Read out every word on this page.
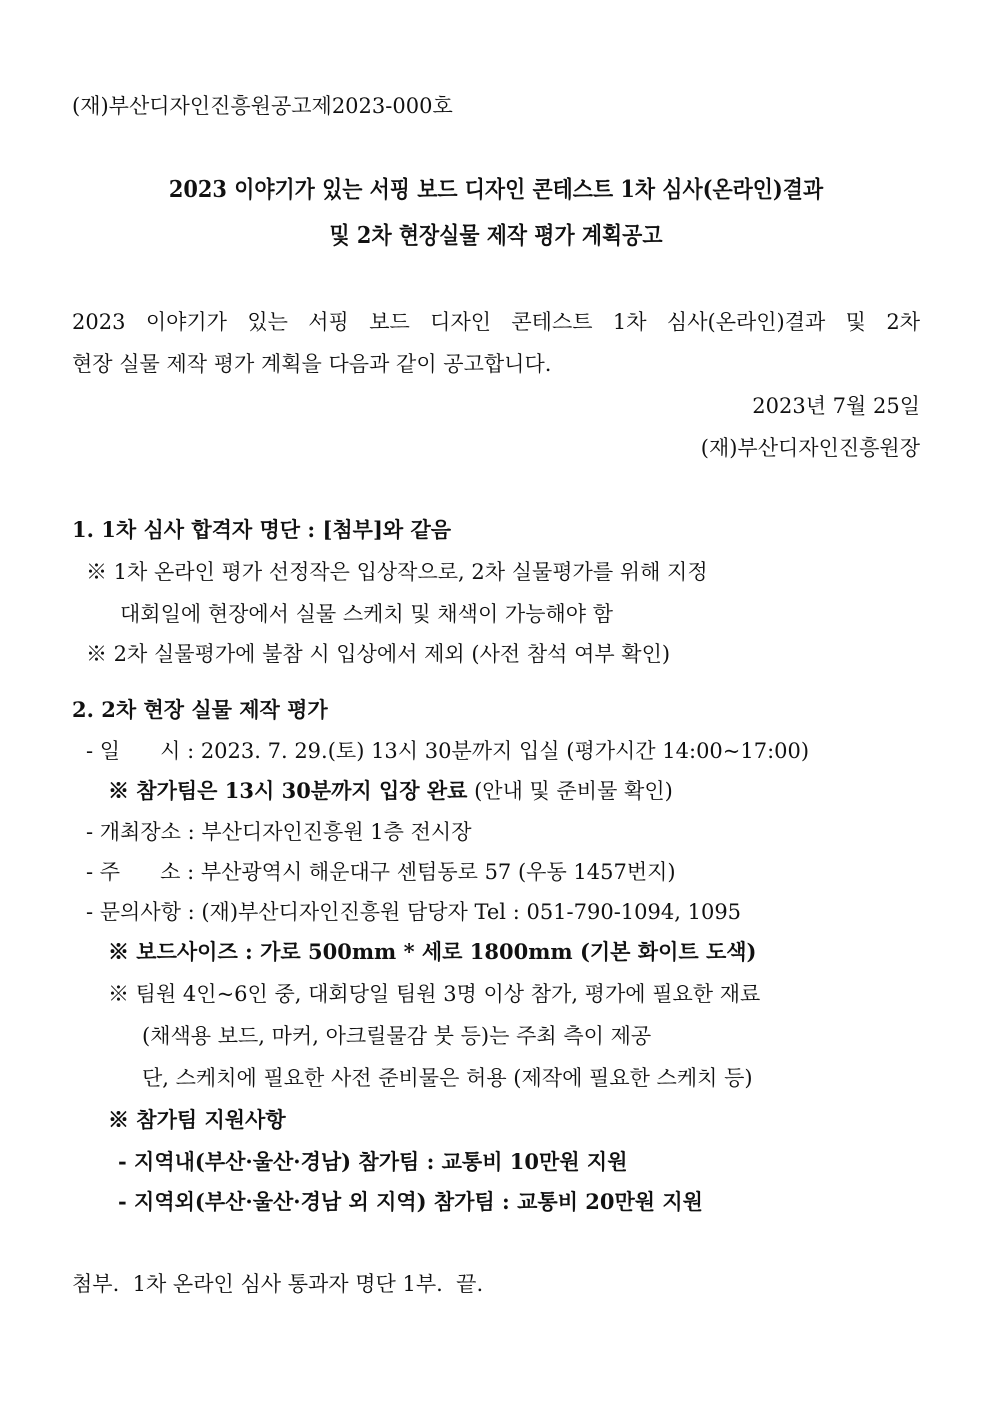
(재)부산디자인진흥원공고제2023-000호
2023 이야기가 있는 서핑 보드 디자인 콘테스트 1차 심사(온라인)결과
및 2차 현장실물 제작 평가 계획공고
2023 이야기가 있는 서핑 보드 디자인 콘테스트 1차 심사(온라인)결과 및 2차
현장 실물 제작 평가 계획을 다음과 같이 공고합니다.
2023년 7월 25일
(재)부산디자인진흥원장
1. 1차 심사 합격자 명단 : [첨부]와 같음
※ 1차 온라인 평가 선정작은 입상작으로, 2차 실물평가를 위해 지정
대회일에 현장에서 실물 스케치 및 채색이 가능해야 함
※ 2차 실물평가에 불참 시 입상에서 제외 (사전 참석 여부 확인)
2. 2차 현장 실물 제작 평가
- 일      시 : 2023. 7. 29.(토) 13시 30분까지 입실 (평가시간 14:00~17:00)
※ 참가팀은 13시 30분까지 입장 완료 (안내 및 준비물 확인)
- 개최장소 : 부산디자인진흥원 1층 전시장
- 주      소 : 부산광역시 해운대구 센텀동로 57 (우동 1457번지)
- 문의사항 : (재)부산디자인진흥원 담당자 Tel : 051-790-1094, 1095
※ 보드사이즈 : 가로 500mm * 세로 1800mm (기본 화이트 도색)
※ 팀원 4인~6인 중, 대회당일 팀원 3명 이상 참가, 평가에 필요한 재료
(채색용 보드, 마커, 아크릴물감 붓 등)는 주최 측이 제공
단, 스케치에 필요한 사전 준비물은 허용 (제작에 필요한 스케치 등)
※ 참가팀 지원사항
- 지역내(부산·울산·경남) 참가팀 : 교통비 10만원 지원
- 지역외(부산·울산·경남 외 지역) 참가팀 : 교통비 20만원 지원
첨부.  1차 온라인 심사 통과자 명단 1부.  끝.
